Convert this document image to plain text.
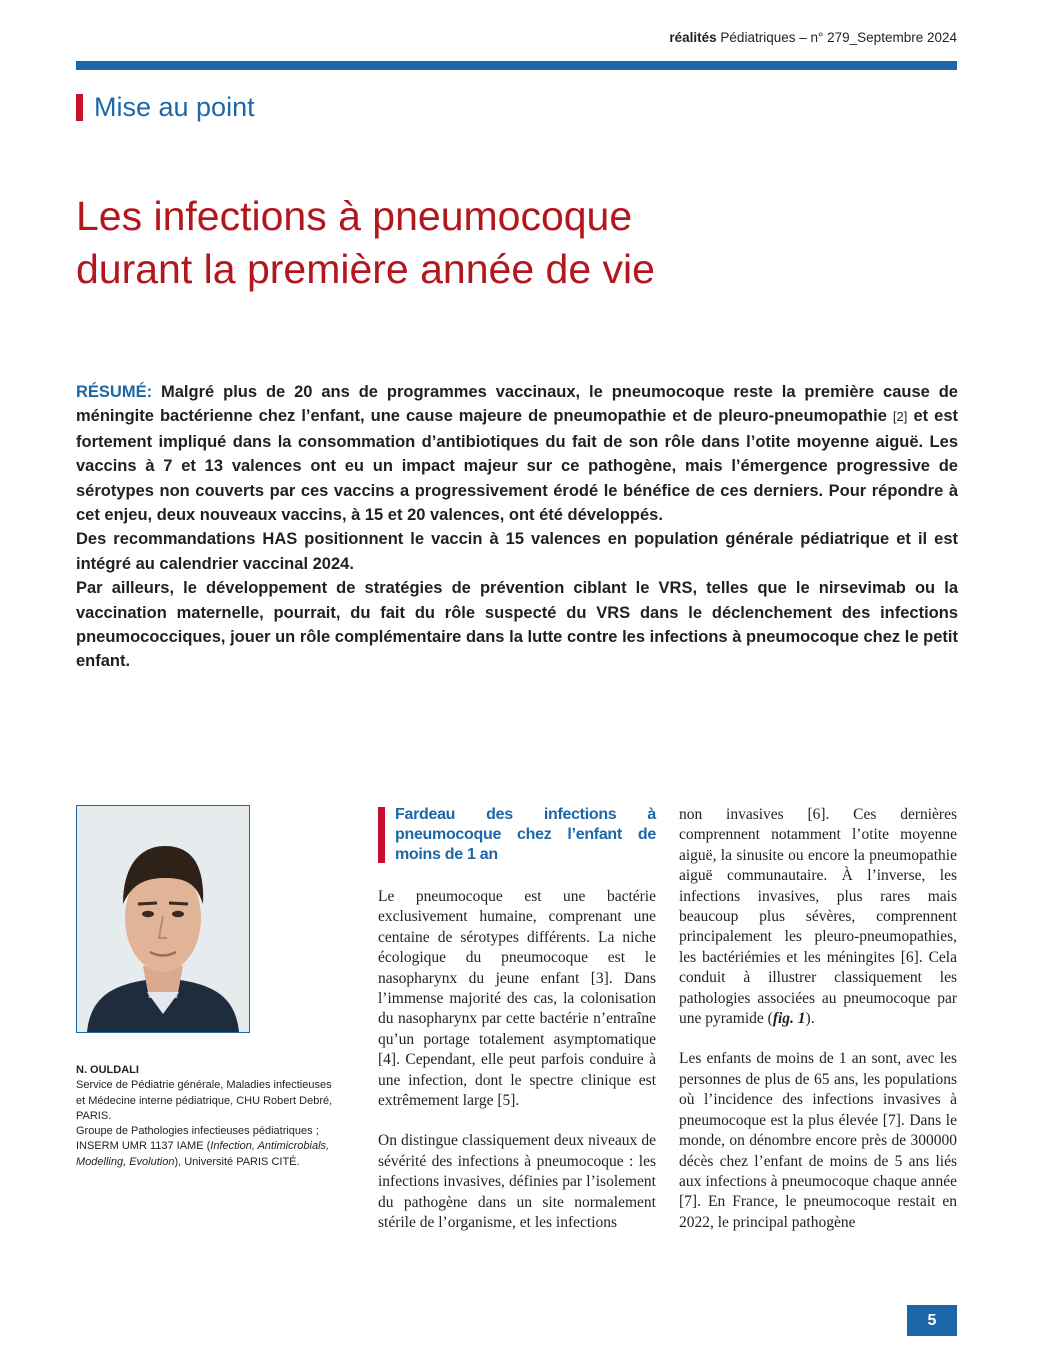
réalités Pédiatriques – n° 279_Septembre 2024
Mise au point
Les infections à pneumocoque
durant la première année de vie

RÉSUMÉ: Malgré plus de 20 ans de programmes vaccinaux, le pneumocoque reste la première cause de méningite bactérienne chez l’enfant, une cause majeure de pneumopathie et de pleuro-pneumopathie [2] et est fortement impliqué dans la consommation d’antibiotiques du fait de son rôle dans l’otite moyenne aiguë. Les vaccins à 7 et 13 valences ont eu un impact majeur sur ce pathogène, mais l’émergence progressive de sérotypes non couverts par ces vaccins a progressivement érodé le bénéfice de ces derniers. Pour répondre à cet enjeu, deux nouveaux vaccins, à 15 et 20 valences, ont été développés.

Des recommandations HAS positionnent le vaccin à 15 valences en population générale pédiatrique et il est intégré au calendrier vaccinal 2024.

Par ailleurs, le développement de stratégies de prévention ciblant le VRS, telles que le nirsevimab ou la vaccination maternelle, pourrait, du fait du rôle suspecté du VRS dans le déclenchement des infections pneumococciques, jouer un rôle complémentaire dans la lutte contre les infections à pneumocoque chez le petit enfant.

N. OULDALI
Service de Pédiatrie générale, Maladies infectieuses et Médecine interne pédiatrique, CHU Robert Debré, PARIS.
Groupe de Pathologies infectieuses pédiatriques ;
INSERM UMR 1137 IAME (Infection, Antimicrobials, Modelling, Evolution), Université PARIS CITÉ.
Fardeau des infections à pneumocoque chez l’enfant de moins de 1 an

Le pneumocoque est une bactérie exclusivement humaine, comprenant une centaine de sérotypes différents. La niche écologique du pneumocoque est le nasopharynx du jeune enfant [3]. Dans l’immense majorité des cas, la colonisation du nasopharynx par cette bactérie n’entraîne qu’un portage totalement asymptomatique [4]. Cependant, elle peut parfois conduire à une infection, dont le spectre clinique est extrêmement large [5].

On distingue classiquement deux niveaux de sévérité des infections à pneumocoque : les infections invasives, définies par l’isolement du pathogène dans un site normalement stérile de l’organisme, et les infections

non invasives [6]. Ces dernières comprennent notamment l’otite moyenne aiguë, la sinusite ou encore la pneumopathie aiguë communautaire. À l’inverse, les infections invasives, plus rares mais beaucoup plus sévères, comprennent principalement les pleuro-pneumopathies, les bactériémies et les méningites [6]. Cela conduit à illustrer classiquement les pathologies associées au pneumocoque par une pyramide (fig. 1).

Les enfants de moins de 1 an sont, avec les personnes de plus de 65 ans, les populations où l’incidence des infections invasives à pneumocoque est la plus élevée [7]. Dans le monde, on dénombre encore près de 300000 décès chez l’enfant de moins de 5 ans liés aux infections à pneumocoque chaque année [7]. En France, le pneumocoque restait en 2022, le principal pathogène

5
